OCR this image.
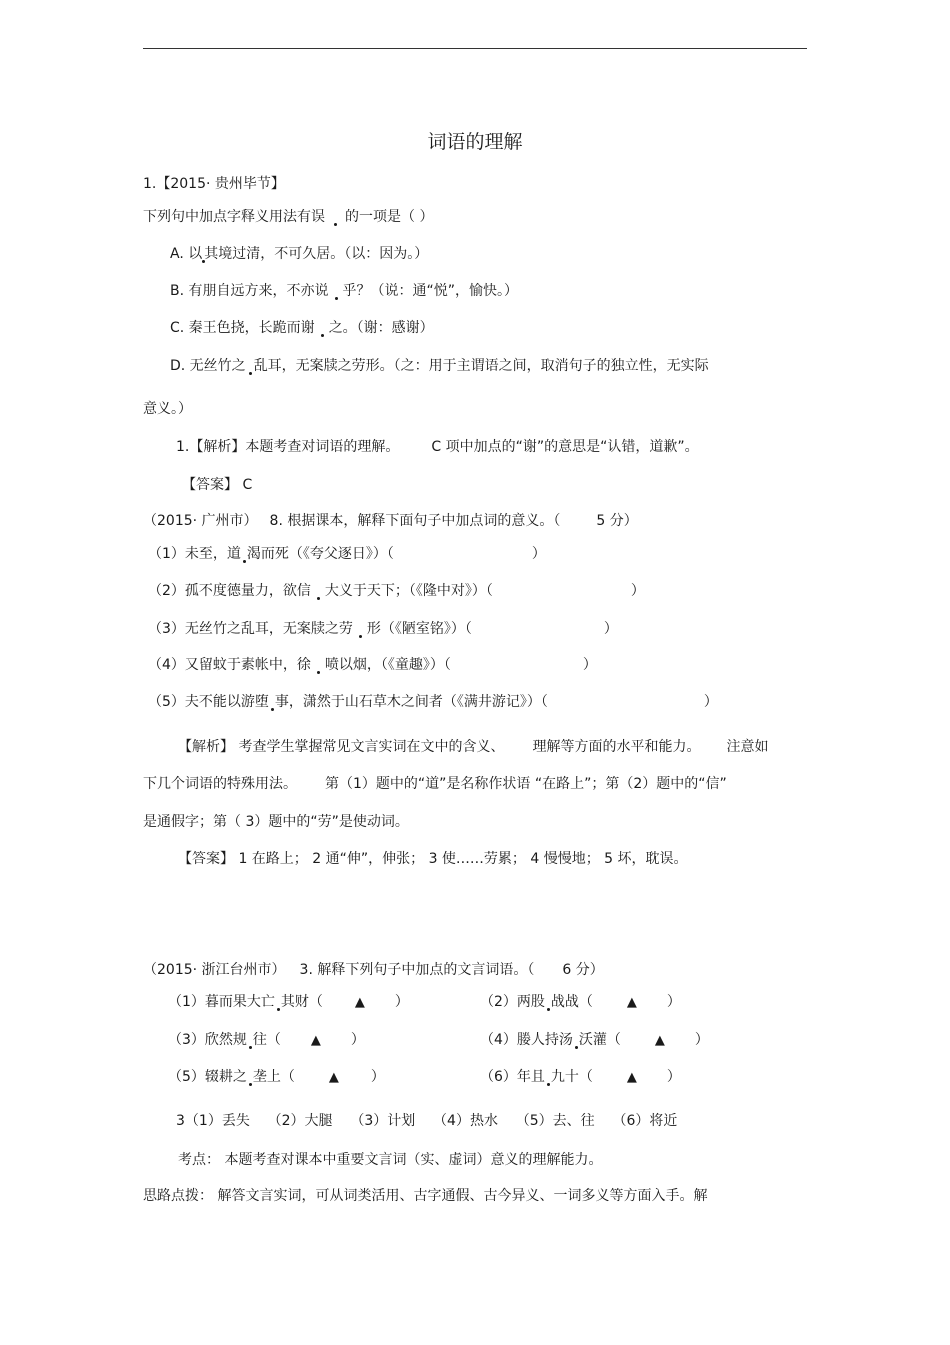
词语的理解
1.【2015· 贵州毕节】
下列句中加点字释义用法有误 的一项是（ ）
A. 以 其境过清，不可久居。（以：因为。）
B. 有朋自远方来，不亦说 乎？（说：通“悦”，愉快。）
C. 秦王色挠，长跪而谢 之。（谢：感谢）
D. 无丝竹之 乱耳，无案牍之劳形。（之：用于主谓语之间，取消句子的独立性，无实际
意义。）
1.【解析】本题考查对词语的理解。 C 项中加点的“谢”的意思是“认错，道歉”。
【答案】 C
（2015· 广州市） 8. 根据课本，解释下面句子中加点词的意义。（	5 分）
（1）未至，道 渴而死（《夸父逐日》）（	）
（2）孤不度德量力，欲信 大义于天下；（《隆中对》）（	）
（3）无丝竹之乱耳，无案牍之劳 形（《陋室铭》）（	）
（4）又留蚊于素帐中，徐 喷以烟，（《童趣》）（	）
（5）夫不能以游堕 事，潇然于山石草木之间者（《满井游记》）（	）
【解析】 考查学生掌握常见文言实词在文中的含义、 理解等方面的水平和能力。 注意如
下几个词语的特殊用法。 第（1）题中的“道”是名称作状语 “在路上”；第（2）题中的“信”
是通假字；第（ 3）题中的“劳”是使动词。
【答案】 1 在路上； 2 通“伸”，伸张； 3 使……劳累； 4 慢慢地； 5 坏，耽误。
（2015· 浙江台州市） 3. 解释下列句子中加点的文言词语。（ 6 分）
（1）暮而果大亡 其财（ ▲ ）	（2）两股 战战（	▲ ）
（3）欣然规 往（ ▲ ）	（4）媵人持汤 沃灌（	▲ ）
（5）辍耕之 垄上（	▲ ）	（6）年且 九十（	▲ ）
3（1）丢失    （2）大腿    （3）计划    （4）热水    （5）去、往    （6）将近
考点： 本题考查对课本中重要文言词（实、虚词）意义的理解能力。
思路点拨： 解答文言实词，可从词类活用、古字通假、古今异义、一词多义等方面入手。解
